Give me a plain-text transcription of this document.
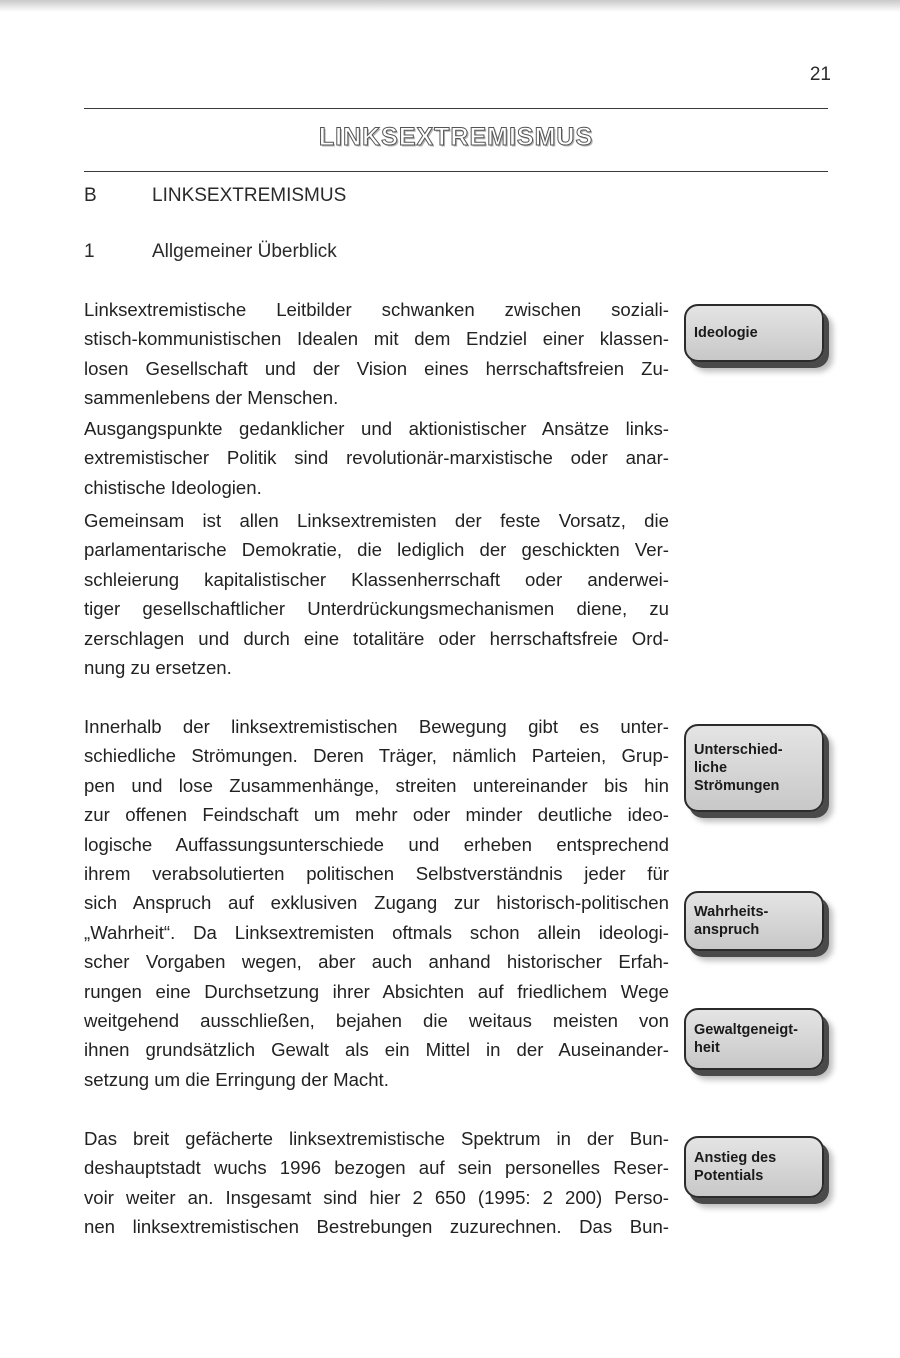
21
LINKSEXTREMISMUS
B	LINKSEXTREMISMUS
1	Allgemeiner Überblick
Linksextremistische Leitbilder schwanken zwischen soziali-
stisch-kommunistischen Idealen mit dem Endziel einer klassen-
losen Gesellschaft und der Vision eines herrschaftsfreien Zu-
sammenlebens der Menschen.
Ausgangspunkte gedanklicher und aktionistischer Ansätze links-
extremistischer Politik sind revolutionär-marxistische oder anar-
chistische Ideologien.
Gemeinsam ist allen Linksextremisten der feste Vorsatz, die
parlamentarische Demokratie, die lediglich der geschickten Ver-
schleierung kapitalistischer Klassenherrschaft oder anderwei-
tiger gesellschaftlicher Unterdrückungsmechanismen diene, zu
zerschlagen und durch eine totalitäre oder herrschaftsfreie Ord-
nung zu ersetzen.
Innerhalb der linksextremistischen Bewegung gibt es unter-
schiedliche Strömungen. Deren Träger, nämlich Parteien, Grup-
pen und lose Zusammenhänge, streiten untereinander bis hin
zur offenen Feindschaft um mehr oder minder deutliche ideo-
logische Auffassungsunterschiede und erheben entsprechend
ihrem verabsolutierten politischen Selbstverständnis jeder für
sich Anspruch auf exklusiven Zugang zur historisch-politischen
„Wahrheit“. Da Linksextremisten oftmals schon allein ideologi-
scher Vorgaben wegen, aber auch anhand historischer Erfah-
rungen eine Durchsetzung ihrer Absichten auf friedlichem Wege
weitgehend ausschließen, bejahen die weitaus meisten von
ihnen grundsätzlich Gewalt als ein Mittel in der Auseinander-
setzung um die Erringung der Macht.
Das breit gefächerte linksextremistische Spektrum in der Bun-
deshauptstadt wuchs 1996 bezogen auf sein personelles Reser-
voir weiter an. Insgesamt sind hier 2 650 (1995: 2 200) Perso-
nen linksextremistischen Bestrebungen zuzurechnen. Das Bun-
Ideologie
Unterschied-
liche
Strömungen
Wahrheits-
anspruch
Gewaltgeneigt-
heit
Anstieg des
Potentials
